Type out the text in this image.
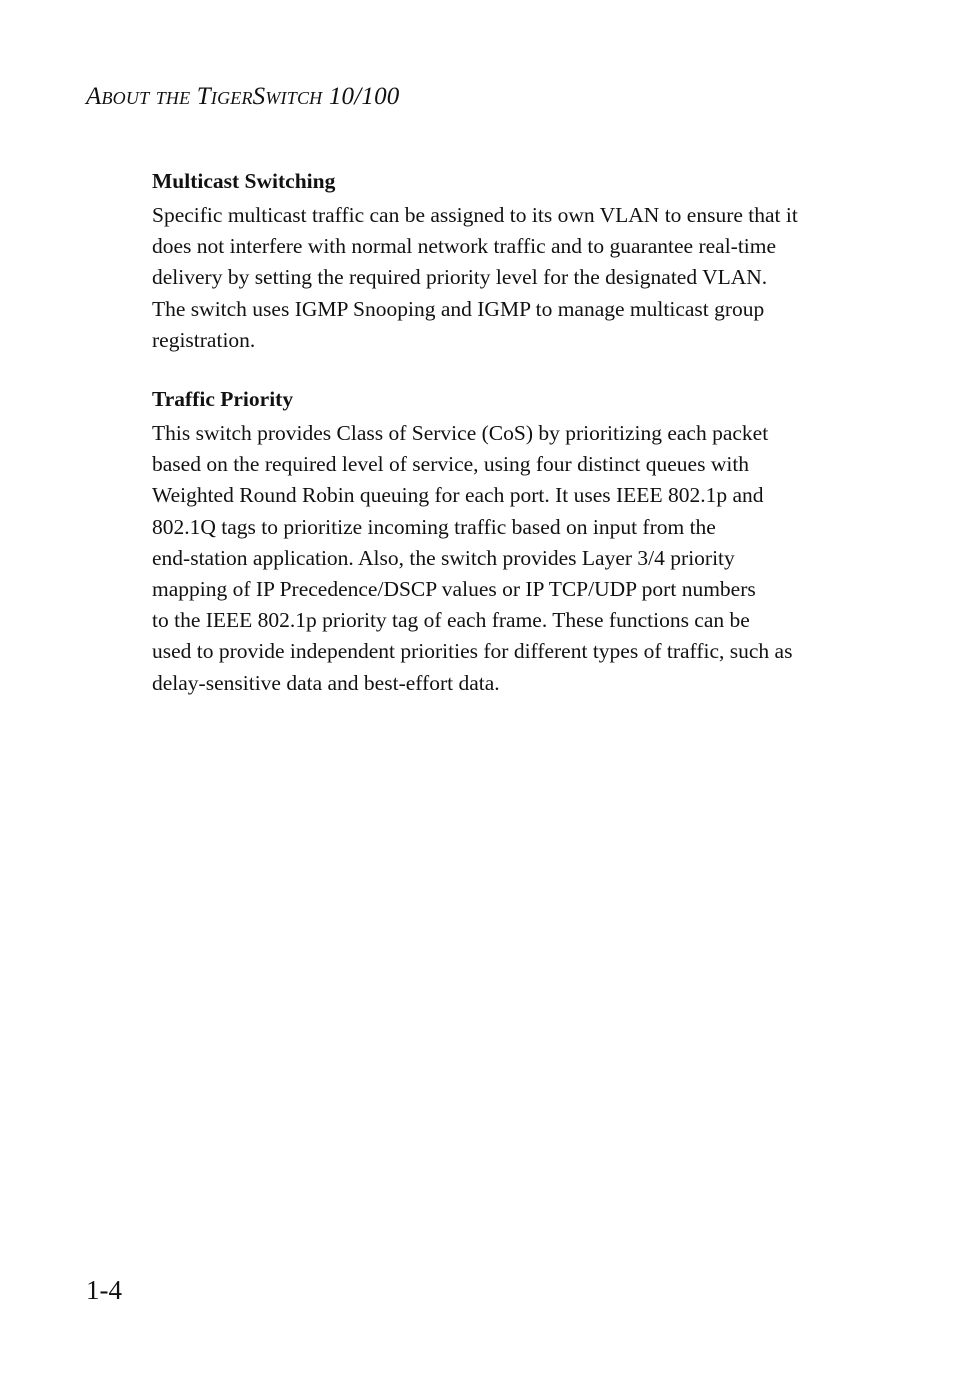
About the TigerSwitch 10/100
Multicast Switching

Specific multicast traffic can be assigned to its own VLAN to ensure that it
does not interfere with normal network traffic and to guarantee real-time
delivery by setting the required priority level for the designated VLAN.
The switch uses IGMP Snooping and IGMP to manage multicast group
registration.

Traffic Priority

This switch provides Class of Service (CoS) by prioritizing each packet
based on the required level of service, using four distinct queues with
Weighted Round Robin queuing for each port. It uses IEEE 802.1p and
802.1Q tags to prioritize incoming traffic based on input from the
end-station application. Also, the switch provides Layer 3/4 priority
mapping of IP Precedence/DSCP values or IP TCP/UDP port numbers
to the IEEE 802.1p priority tag of each frame. These functions can be
used to provide independent priorities for different types of traffic, such as
delay-sensitive data and best-effort data.

1-4
